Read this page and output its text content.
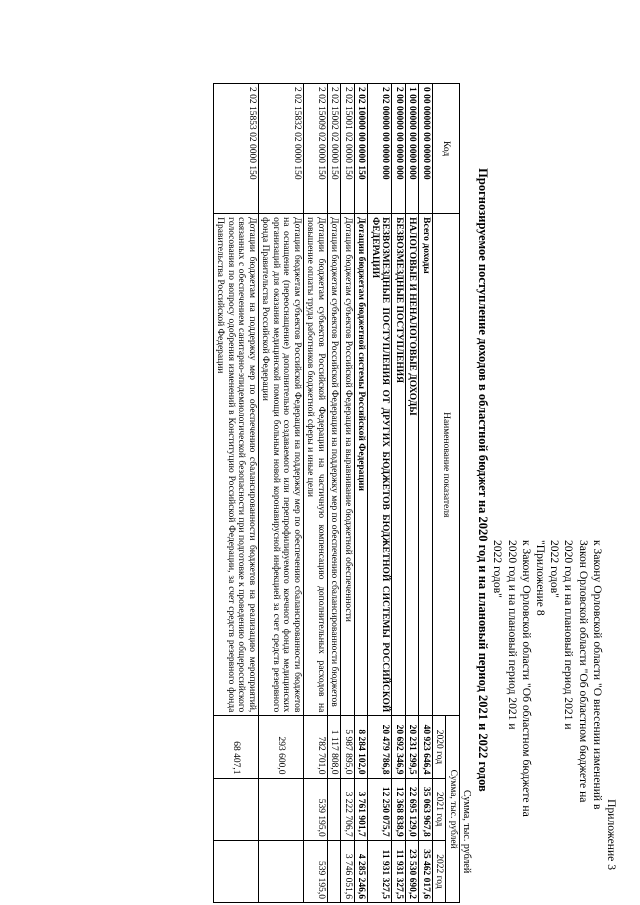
Приложение 3
к Закону Орловской области "О внесении изменений в
Закон Орловской области "Об областном бюджете на
2020 год и на плановый период 2021 и
2022 годов"
"Приложение 8
к Закону Орловской области "Об областном бюджете на
2020 год и на плановый период 2021 и
2022 годов"
Прогнозируемое поступление доходов в областной бюджет на 2020 год и на плановый период 2021 и 2022 годов
Сумма, тыс. рублей
Код	Наименование показателя	Сумма, тыс. рублей		
		2020 год	2021 год	2022 год
0 00 00000 00 0000 000	Всего доходы	40 923 646,4	35 063 967,8	35 462 017,6
1 00 00000 00 0000 000	НАЛОГОВЫЕ И НЕНАЛОГОВЫЕ ДОХОДЫ	20 231 299,5	22 695 129,0	23 530 690,2
2 00 00000 00 0000 000	БЕЗВОЗМЕЗДНЫЕ ПОСТУПЛЕНИЯ	20 692 346,9	12 368 838,9	11 931 327,5
2 02 00000 00 0000 000	БЕЗВОЗМЕЗДНЫЕ ПОСТУПЛЕНИЯ ОТ ДРУГИХ БЮДЖЕТОВ БЮДЖЕТНОЙ СИСТЕМЫ РОССИЙСКОЙ ФЕДЕРАЦИИ	20 479 786,8	12 250 075,7	11 931 327,5
2 02 10000 00 0000 150	Дотации бюджетам бюджетной системы Российской Федерации	8 284 102,0	3 761 901,7	4 285 246,6
2 02 15001 02 0000 150	Дотации бюджетам субъектов Российской Федерации на выравнивание бюджетной обеспеченности	5 987 895,0	3 222 706,7	3 746 051,6
2 02 15002 02 0000 150	Дотации бюджетам субъектов Российской Федерации на поддержку мер по обеспечению сбалансированности бюджетов	1 117 808,0		
2 02 15009 02 0000 150	Дотации бюджетам субъектов Российской Федерации на частичную компенсацию дополнительных расходов на повышение оплаты труда работников бюджетной сферы и иные цели	782 701,0	539 195,0	539 195,0
2 02 15832 02 0000 150	Дотации бюджетам субъектов Российской Федерации на поддержку мер по обеспечению сбалансированности бюджетов на оснащение (переоснащение) дополнительно создаваемого или перепрофилируемого коечного фонда медицинских организаций для оказания медицинской помощи больным новой коронавирусной инфекцией за счет средств резервного фонда Правительства Российской Федерации	293 600,0		
2 02 15853 02 0000 150	Дотации бюджетам на поддержку мер по обеспечению сбалансированности бюджетов на реализацию мероприятий, связанных с обеспечением санитарно-эпидемиологической безопасности при подготовке к проведению общероссийского голосования по вопросу одобрения изменений в Конституцию Российской Федерации, за счет средств резервного фонда Правительства Российской Федерации	68 407,1		
